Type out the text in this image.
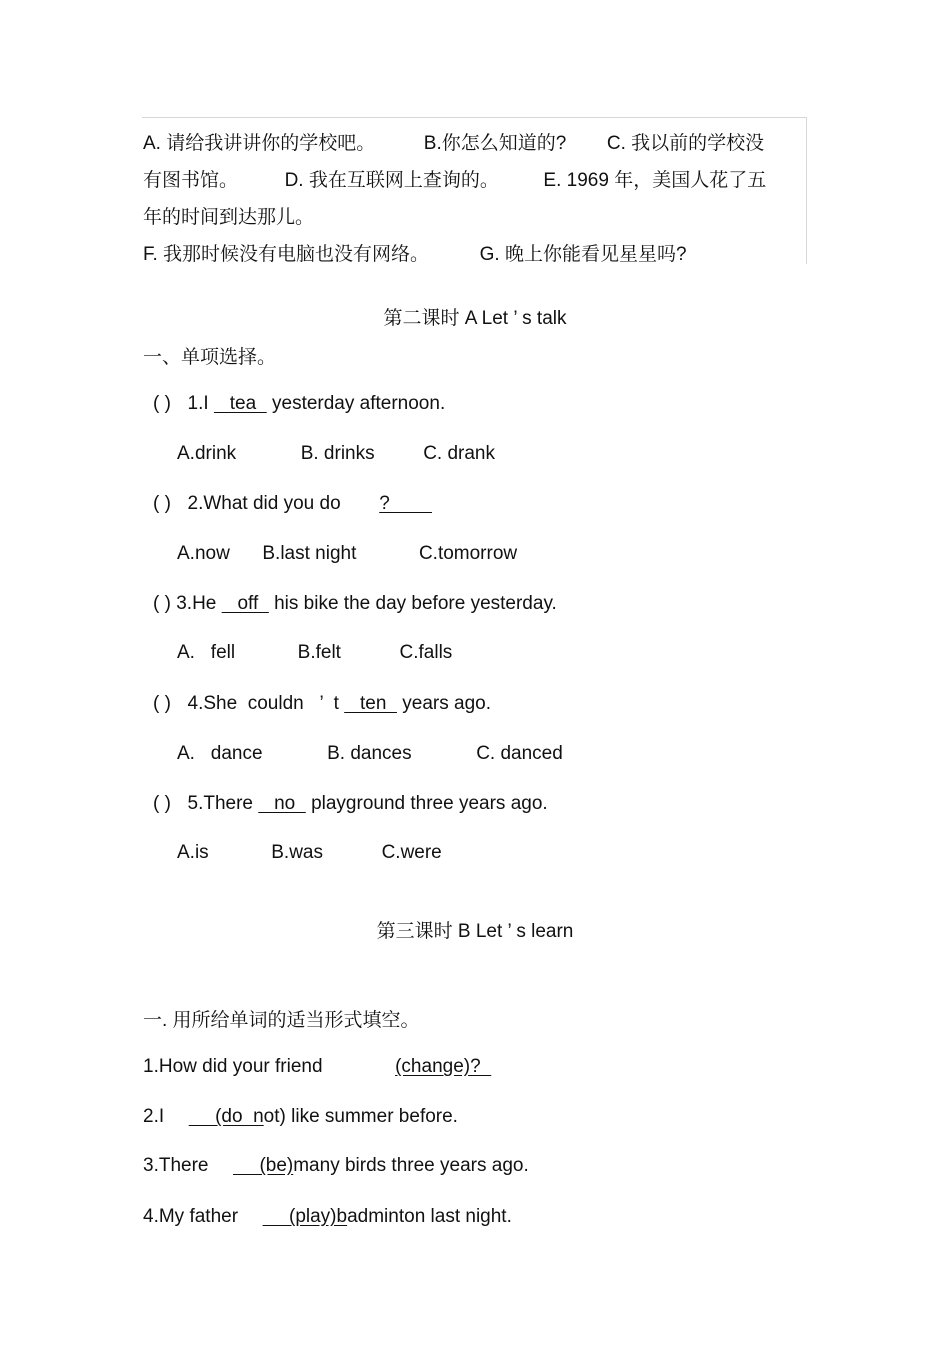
A. 请给我讲讲你的学校吧。	B.你怎么知道的? C. 我以前的学校没
有图书馆。 D. 我在互联网上查询的。 E. 1969 年，美国人花了五
年的时间到达那儿。
F. 我那时候没有电脑也没有网络。	G. 晚上你能看见星星吗?
第二课时 A Let ’ s talk
一、单项选择。
( ) 1.I    tea   yesterday afternoon.
A.drink	B. drinks	C. drank
( ) 2.What did you do ?
A.now B.last night	C.tomorrow
( ) 3.He    off   his bike the day before yesterday.
A.   fell	B.felt	C.falls
( ) 4.She  couldn   ’  t    ten   years ago.
A.   dance	B. dances	C. danced
( ) 5.There    no   playground three years ago.
A.is	B.was	C.were
第三课时 B Let ’ s learn
一. 用所给单词的适当形式填空。
1.How did your friend	(change)?
2.I       (do  not) like summer before.
3.There       (be)many birds three years ago.
4.My father       (play)badminton last night.
